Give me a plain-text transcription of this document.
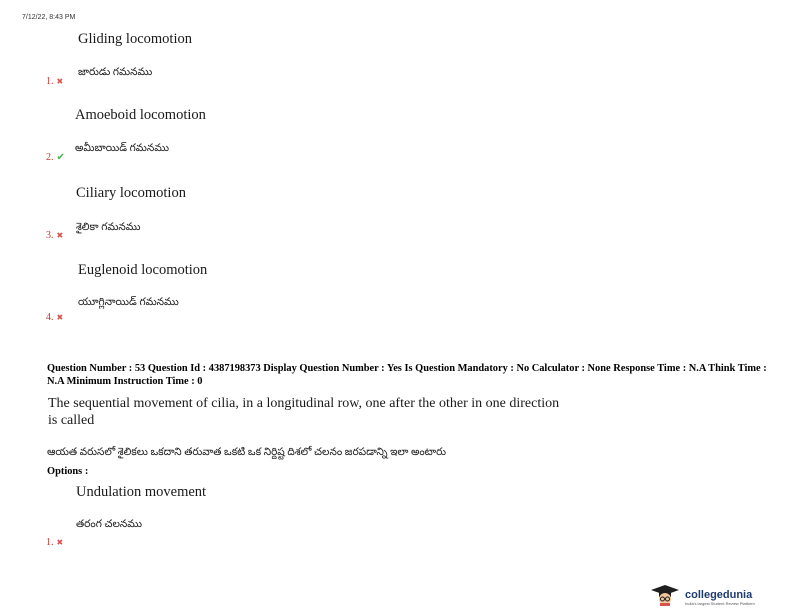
7/12/22, 8:43 PM
Gliding locomotion
జారుడు గమనము
1. ✖
Amoeboid locomotion
అమీబాయిడ్ గమనము
2. ✔
Ciliary locomotion
శైలికా గమనము
3. ✖
Euglenoid locomotion
యూగ్లినాయిడ్ గమనము
4. ✖
Question Number : 53 Question Id : 4387198373 Display Question Number : Yes Is Question Mandatory : No Calculator : None Response Time : N.A Think Time : N.A Minimum Instruction Time : 0
The sequential movement of cilia, in a longitudinal row, one after the other in one direction is called
ఆయత వరుసలో శైలికలు ఒకదాని తరువాత ఒకటి ఒక నిర్దిష్ట దిశలో చలనం జరపడాన్ని ఇలా అంటారు
Options :
Undulation movement
తరంగ చలనము
1. ✖
collegedunia
India's largest Student Review Platform
